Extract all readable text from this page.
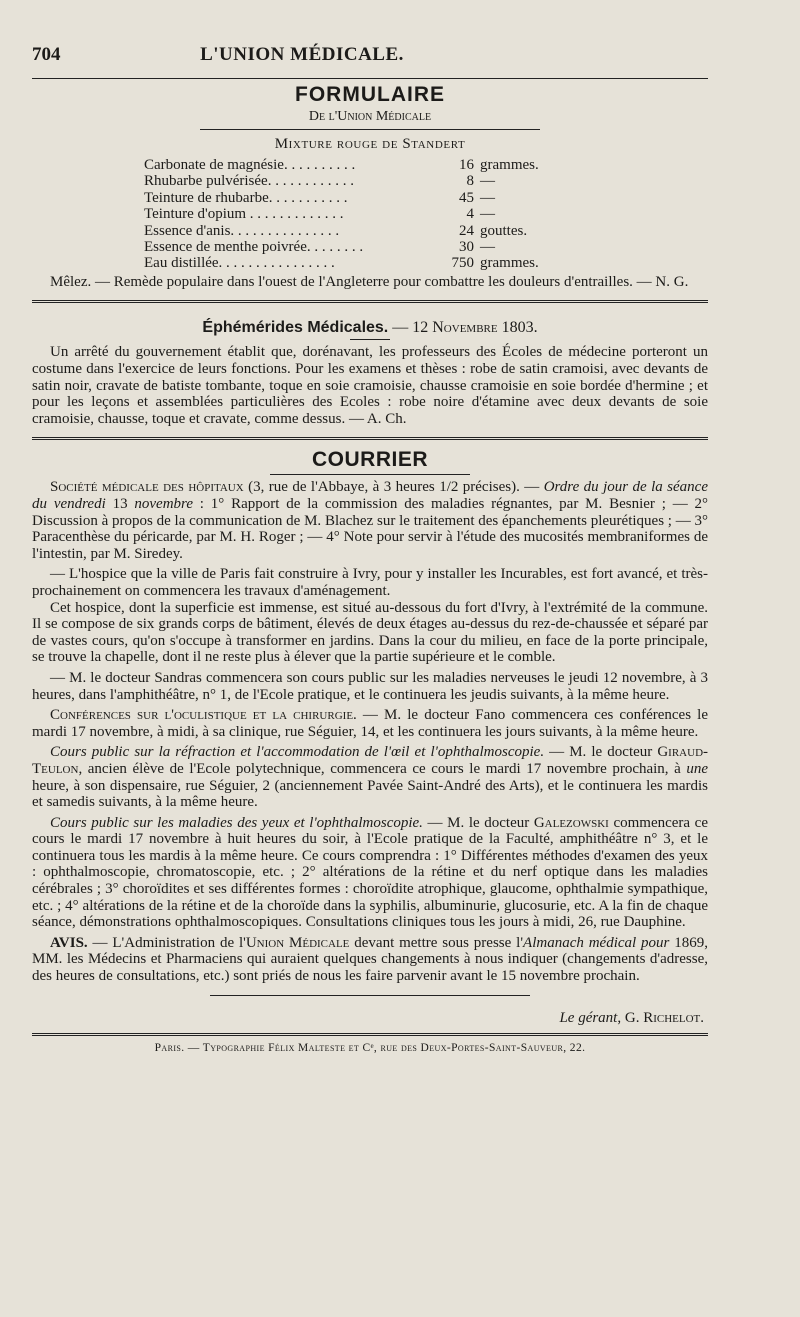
704	L'UNION MÉDICALE.
FORMULAIRE
De l'Union Médicale
Mixture rouge de Standert
Carbonate de magnésie. . . . . . . . . .	16 grammes.
Rhubarbe pulvérisée. . . . . . . . . . . .	8 —
Teinture de rhubarbe. . . . . . . . . . .	45 —
Teinture d'opium . . . . . . . . . . . . .	4 —
Essence d'anis. . . . . . . . . . . . . . .	24 gouttes.
Essence de menthe poivrée. . . . . . . .	30 —
Eau distillée. . . . . . . . . . . . . . . .	750 grammes.

Mêlez. — Remède populaire dans l'ouest de l'Angleterre pour combattre les douleurs d'entrailles. — N. G.

Éphémérides Médicales. — 12 Novembre 1803.

Un arrêté du gouvernement établit que, dorénavant, les professeurs des Écoles de médecine porteront un costume dans l'exercice de leurs fonctions. Pour les examens et thèses : robe de satin cramoisi, avec devants de satin noir, cravate de batiste tombante, toque en soie cramoisie, chausse cramoisie en soie bordée d'hermine ; et pour les leçons et assemblées particulières des Ecoles : robe noire d'étamine avec deux devants de soie cramoisie, chausse, toque et cravate, comme dessus. — A. Ch.

COURRIER

Société médicale des hôpitaux (3, rue de l'Abbaye, à 3 heures 1/2 précises). — Ordre du jour de la séance du vendredi 13 novembre : 1° Rapport de la commission des maladies régnantes, par M. Besnier ; — 2° Discussion à propos de la communication de M. Blachez sur le traitement des épanchements pleurétiques ; — 3° Paracenthèse du péricarde, par M. H. Roger ; — 4° Note pour servir à l'étude des mucosités membraniformes de l'intestin, par M. Siredey.

— L'hospice que la ville de Paris fait construire à Ivry, pour y installer les Incurables, est fort avancé, et très-prochainement on commencera les travaux d'aménagement.

Cet hospice, dont la superficie est immense, est situé au-dessous du fort d'Ivry, à l'extrémité de la commune. Il se compose de six grands corps de bâtiment, élevés de deux étages au-dessus du rez-de-chaussée et séparé par de vastes cours, qu'on s'occupe à transformer en jardins. Dans la cour du milieu, en face de la porte principale, se trouve la chapelle, dont il ne reste plus à élever que la partie supérieure et le comble.

— M. le docteur Sandras commencera son cours public sur les maladies nerveuses le jeudi 12 novembre, à 3 heures, dans l'amphithéâtre, n° 1, de l'Ecole pratique, et le continuera les jeudis suivants, à la même heure.

Conférences sur l'oculistique et la chirurgie. — M. le docteur Fano commencera ces conférences le mardi 17 novembre, à midi, à sa clinique, rue Séguier, 14, et les continuera les jours suivants, à la même heure.

Cours public sur la réfraction et l'accommodation de l'œil et l'ophthalmoscopie. — M. le docteur Giraud-Teulon, ancien élève de l'Ecole polytechnique, commencera ce cours le mardi 17 novembre prochain, à une heure, à son dispensaire, rue Séguier, 2 (anciennement Pavée Saint-André des Arts), et le continuera les mardis et samedis suivants, à la même heure.

Cours public sur les maladies des yeux et l'ophthalmoscopie. — M. le docteur Galezowski commencera ce cours le mardi 17 novembre à huit heures du soir, à l'Ecole pratique de la Faculté, amphithéâtre n° 3, et le continuera tous les mardis à la même heure. Ce cours comprendra : 1° Différentes méthodes d'examen des yeux : ophthalmoscopie, chromatoscopie, etc. ; 2° altérations de la rétine et du nerf optique dans les maladies cérébrales ; 3° choroïdites et ses différentes formes : choroïdite atrophique, glaucome, ophthalmie sympathique, etc. ; 4° altérations de la rétine et de la choroïde dans la syphilis, albuminurie, glucosurie, etc. A la fin de chaque séance, démonstrations ophthalmoscopiques. Consultations cliniques tous les jours à midi, 26, rue Dauphine.

AVIS. — L'Administration de l'Union Médicale devant mettre sous presse l'Almanach médical pour 1869, MM. les Médecins et Pharmaciens qui auraient quelques changements à nous indiquer (changements d'adresse, des heures de consultations, etc.) sont priés de nous les faire parvenir avant le 15 novembre prochain.

Le gérant, G. Richelot.
Paris. — Typographie Félix Malteste et Cᵉ, rue des Deux-Portes-Saint-Sauveur, 22.
